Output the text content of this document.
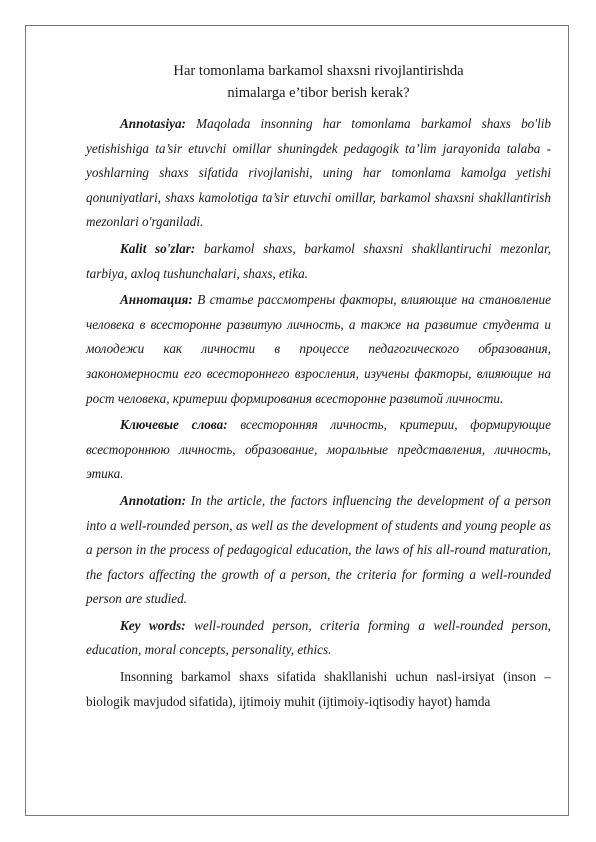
Har tomonlama barkamol shaxsni rivojlantirishda
nimalarga e’tibor berish kerak?

Annotasiya: Maqolada insonning har tomonlama barkamol shaxs bo'lib yetishishiga ta’sir etuvchi omillar shuningdek pedagogik ta’lim jarayonida talaba - yoshlarning shaxs sifatida rivojlanishi, uning har tomonlama kamolga yetishi qonuniyatlari, shaxs kamolotiga ta’sir etuvchi omillar, barkamol shaxsni shakllantirish mezonlari o'rganiladi.

Kalit so'zlar: barkamol shaxs, barkamol shaxsni shakllantiruchi mezonlar, tarbiya, axloq tushunchalari, shaxs, etika.

Аннотация: В статье рассмотрены факторы, влияющие на становление человека в всесторонне развитую личность, а также на развитие студента и молодежи как личности в процессе педагогического образования, закономерности его всестороннего взросления, изучены факторы, влияющие на рост человека, критерии формирования всесторонне развитой личности.

Ключевые слова: всесторонняя личность, критерии, формирующие всестороннюю личность, образование, моральные представления, личность, этика.

Annotation: In the article, the factors influencing the development of a person into a well-rounded person, as well as the development of students and young people as a person in the process of pedagogical education, the laws of his all-round maturation, the factors affecting the growth of a person, the criteria for forming a well-rounded person are studied.

Key words: well-rounded person, criteria forming a well-rounded person, education, moral concepts, personality, ethics.

Insonning barkamol shaxs sifatida shakllanishi uchun nasl-irsiyat (inson – biologik mavjudod sifatida), ijtimoiy muhit (ijtimoiy-iqtisodiy hayot) hamda
